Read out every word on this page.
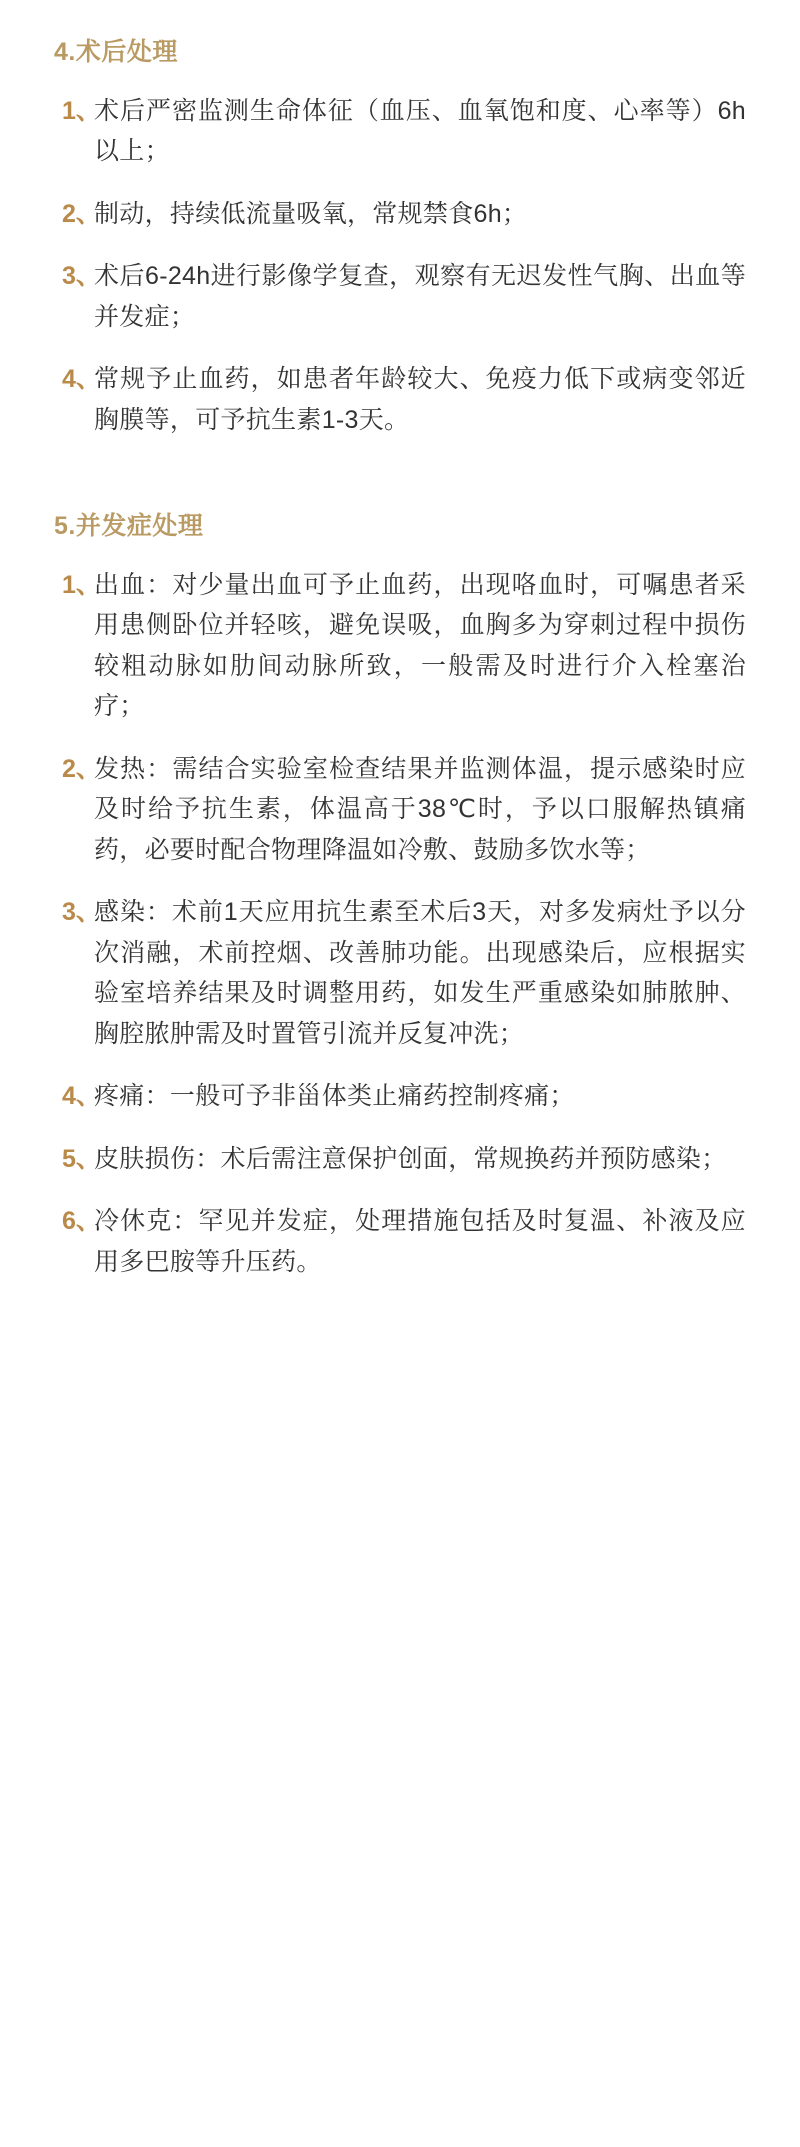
4.术后处理
1、
术后严密监测生命体征（血压、血氧饱和度、心率等）6h以上；
2、
制动，持续低流量吸氧，常规禁食6h；
3、
术后6-24h进行影像学复查，观察有无迟发性气胸、出血等并发症；
4、
常规予止血药，如患者年龄较大、免疫力低下或病变邻近胸膜等，可予抗生素1-3天。
5.并发症处理
1、
出血：对少量出血可予止血药，出现咯血时，可嘱患者采用患侧卧位并轻咳，避免误吸，血胸多为穿刺过程中损伤较粗动脉如肋间动脉所致，一般需及时进行介入栓塞治疗；
2、
发热：需结合实验室检查结果并监测体温，提示感染时应及时给予抗生素，体温高于38℃时，予以口服解热镇痛药，必要时配合物理降温如冷敷、鼓励多饮水等；
3、
感染：术前1天应用抗生素至术后3天，对多发病灶予以分次消融，术前控烟、改善肺功能。出现感染后，应根据实验室培养结果及时调整用药，如发生严重感染如肺脓肿、胸腔脓肿需及时置管引流并反复冲洗；
4、
疼痛：一般可予非甾体类止痛药控制疼痛；
5、
皮肤损伤：术后需注意保护创面，常规换药并预防感染；
6、
冷休克：罕见并发症，处理措施包括及时复温、补液及应用多巴胺等升压药。
